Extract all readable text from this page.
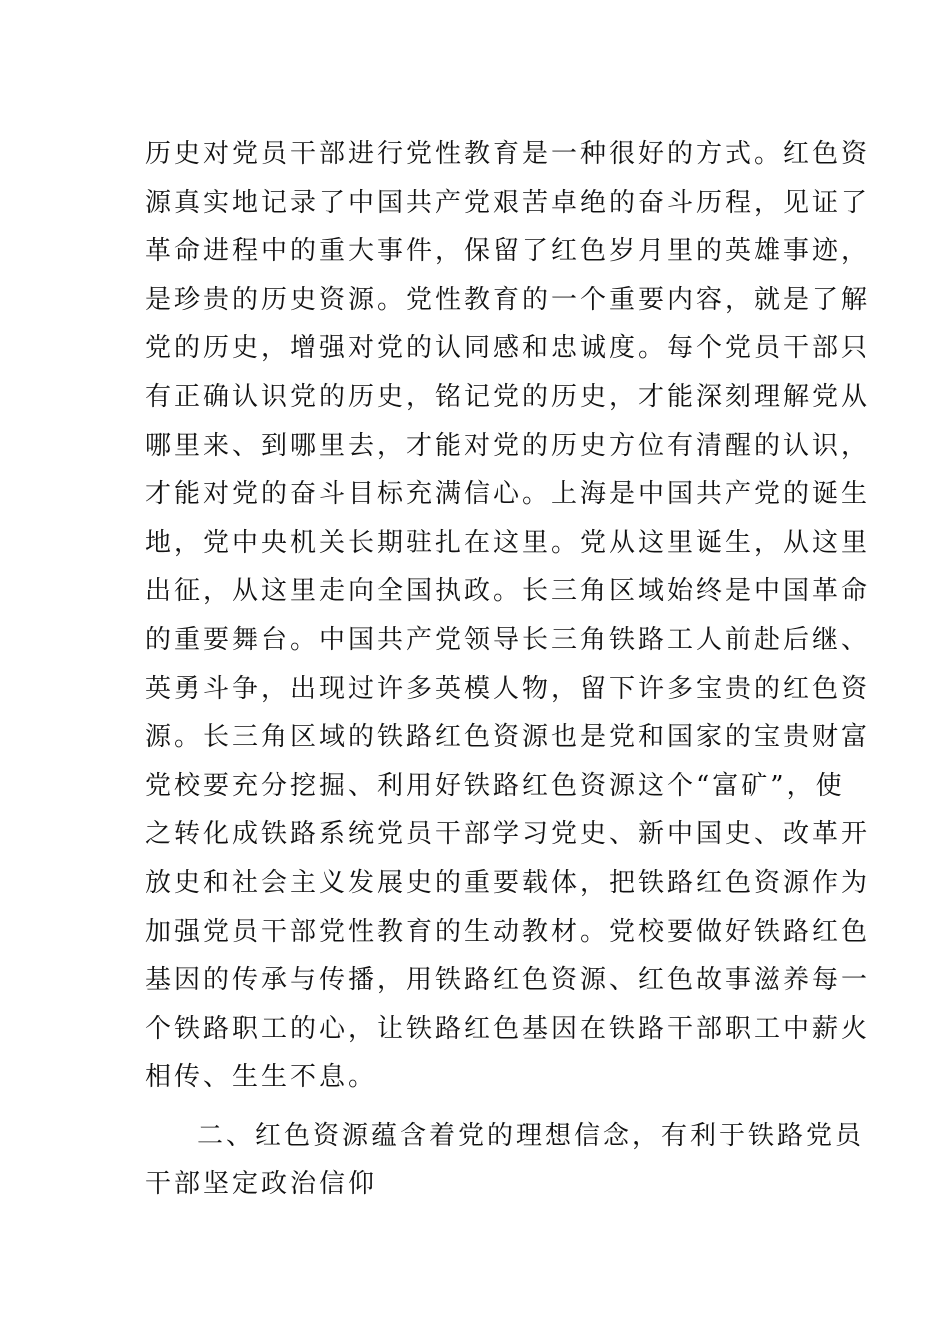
历史对党员干部进行党性教育是一种很好的方式。红色资
源真实地记录了中国共产党艰苦卓绝的奋斗历程，见证了
革命进程中的重大事件，保留了红色岁月里的英雄事迹，
是珍贵的历史资源。党性教育的一个重要内容，就是了解
党的历史，增强对党的认同感和忠诚度。每个党员干部只
有正确认识党的历史，铭记党的历史，才能深刻理解党从
哪里来、到哪里去，才能对党的历史方位有清醒的认识，
才能对党的奋斗目标充满信心。上海是中国共产党的诞生
地，党中央机关长期驻扎在这里。党从这里诞生，从这里
出征，从这里走向全国执政。长三角区域始终是中国革命
的重要舞台。中国共产党领导长三角铁路工人前赴后继、
英勇斗争，出现过许多英模人物，留下许多宝贵的红色资
源。长三角区域的铁路红色资源也是党和国家的宝贵财富
党校要充分挖掘、利用好铁路红色资源这个“富矿”，使
之转化成铁路系统党员干部学习党史、新中国史、改革开
放史和社会主义发展史的重要载体，把铁路红色资源作为
加强党员干部党性教育的生动教材。党校要做好铁路红色
基因的传承与传播，用铁路红色资源、红色故事滋养每一
个铁路职工的心，让铁路红色基因在铁路干部职工中薪火
相传、生生不息。
二、红色资源蕴含着党的理想信念，有利于铁路党员
干部坚定政治信仰
